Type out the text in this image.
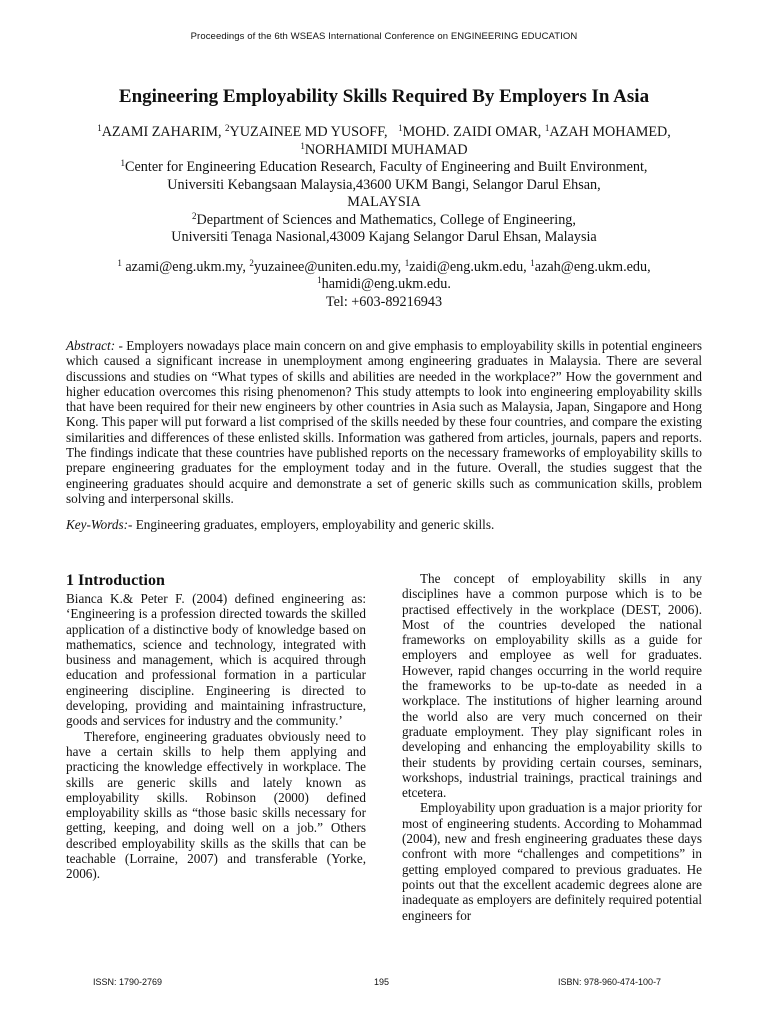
Proceedings of the 6th WSEAS International Conference on ENGINEERING EDUCATION
Engineering Employability Skills Required By Employers In Asia
$^1$AZAMI ZAHARIM, $^2$YUZAINEE MD YUSOFF, $^1$MOHD. ZAIDI OMAR, $^1$AZAH MOHAMED,
$^1$NORHAMIDI MUHAMAD
$^1$Center for Engineering Education Research, Faculty of Engineering and Built Environment,
Universiti Kebangsaan Malaysia,43600 UKM Bangi, Selangor Darul Ehsan,
MALAYSIA
$^2$Department of Sciences and Mathematics, College of Engineering,
Universiti Tenaga Nasional,43009 Kajang Selangor Darul Ehsan, Malaysia
$^1$ azami@eng.ukm.my, $^2$yuzainee@uniten.edu.my, $^1$zaidi@eng.ukm.edu, $^1$azah@eng.ukm.edu,
$^1$hamidi@eng.ukm.edu.
Tel: +603-89216943

Abstract: - Employers nowadays place main concern on and give emphasis to employability skills in potential engineers which caused a significant increase in unemployment among engineering graduates in Malaysia. There are several discussions and studies on “What types of skills and abilities are needed in the workplace?” How the government and higher education overcomes this rising phenomenon? This study attempts to look into engineering employability skills that have been required for their new engineers by other countries in Asia such as Malaysia, Japan, Singapore and Hong Kong. This paper will put forward a list comprised of the skills needed by these four countries, and compare the existing similarities and differences of these enlisted skills. Information was gathered from articles, journals, papers and reports. The findings indicate that these countries have published reports on the necessary frameworks of employability skills to prepare engineering graduates for the employment today and in the future. Overall, the studies suggest that the engineering graduates should acquire and demonstrate a set of generic skills such as communication skills, problem solving and interpersonal skills.

Key-Words:- Engineering graduates, employers, employability and generic skills.

1 Introduction

Bianca K.& Peter F. (2004) defined engineering as: ‘Engineering is a profession directed towards the skilled application of a distinctive body of knowledge based on mathematics, science and technology, integrated with business and management, which is acquired through education and professional formation in a particular engineering discipline. Engineering is directed to developing, providing and maintaining infrastructure, goods and services for industry and the community.’

Therefore, engineering graduates obviously need to have a certain skills to help them applying and practicing the knowledge effectively in workplace. The skills are generic skills and lately known as employability skills. Robinson (2000) defined employability skills as “those basic skills necessary for getting, keeping, and doing well on a job.” Others described employability skills as the skills that can be teachable (Lorraine, 2007) and transferable (Yorke, 2006).

The concept of employability skills in any disciplines have a common purpose which is to be practised effectively in the workplace (DEST, 2006). Most of the countries developed the national frameworks on employability skills as a guide for employers and employee as well for graduates. However, rapid changes occurring in the world require the frameworks to be up-to-date as needed in a workplace. The institutions of higher learning around the world also are very much concerned on their graduate employment. They play significant roles in developing and enhancing the employability skills to their students by providing certain courses, seminars, workshops, industrial trainings, practical trainings and etcetera.

Employability upon graduation is a major priority for most of engineering students. According to Mohammad (2004), new and fresh engineering graduates these days confront with more “challenges and competitions” in getting employed compared to previous graduates. He points out that the excellent academic degrees alone are inadequate as employers are definitely required potential engineers for

ISSN: 1790-2769	195	ISBN: 978-960-474-100-7
